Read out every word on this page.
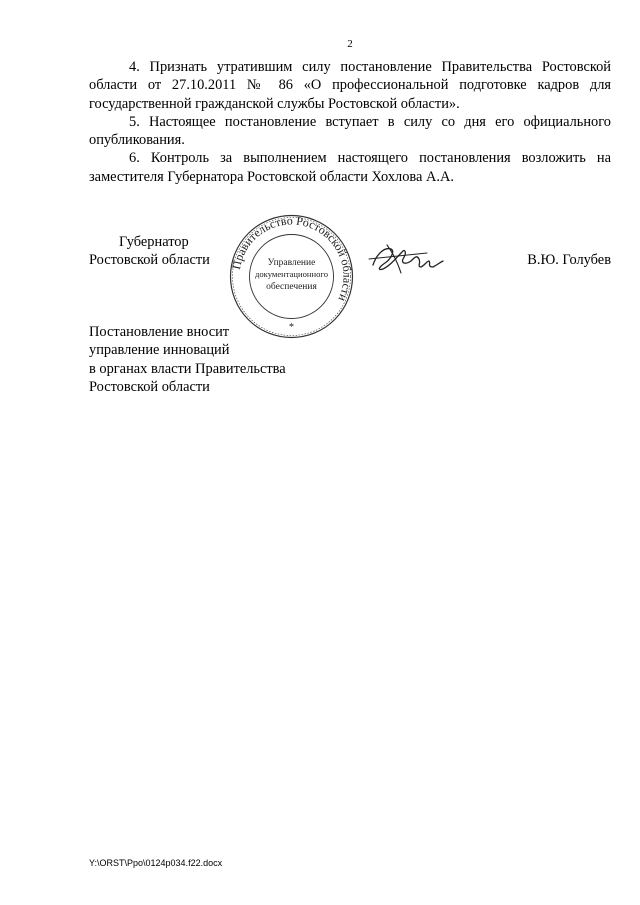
2

4. Признать утратившим силу постановление Правительства Ростовской области от 27.10.2011 № 86 «О профессиональной подготовке кадров для государственной гражданской службы Ростовской области».

5. Настоящее постановление вступает в силу со дня его официального опубликования.

6. Контроль за выполнением настоящего постановления возложить на заместителя Губернатора Ростовской области Хохлова А.А.

Губернатор
Ростовской области Правительство Ростовской области
Управление
документационного
обеспечения
*
В.Ю. Голубев
Постановление вносит
управление инноваций
в органах власти Правительства
Ростовской области
Y:\ORST\Ppo\0124p034.f22.docx
